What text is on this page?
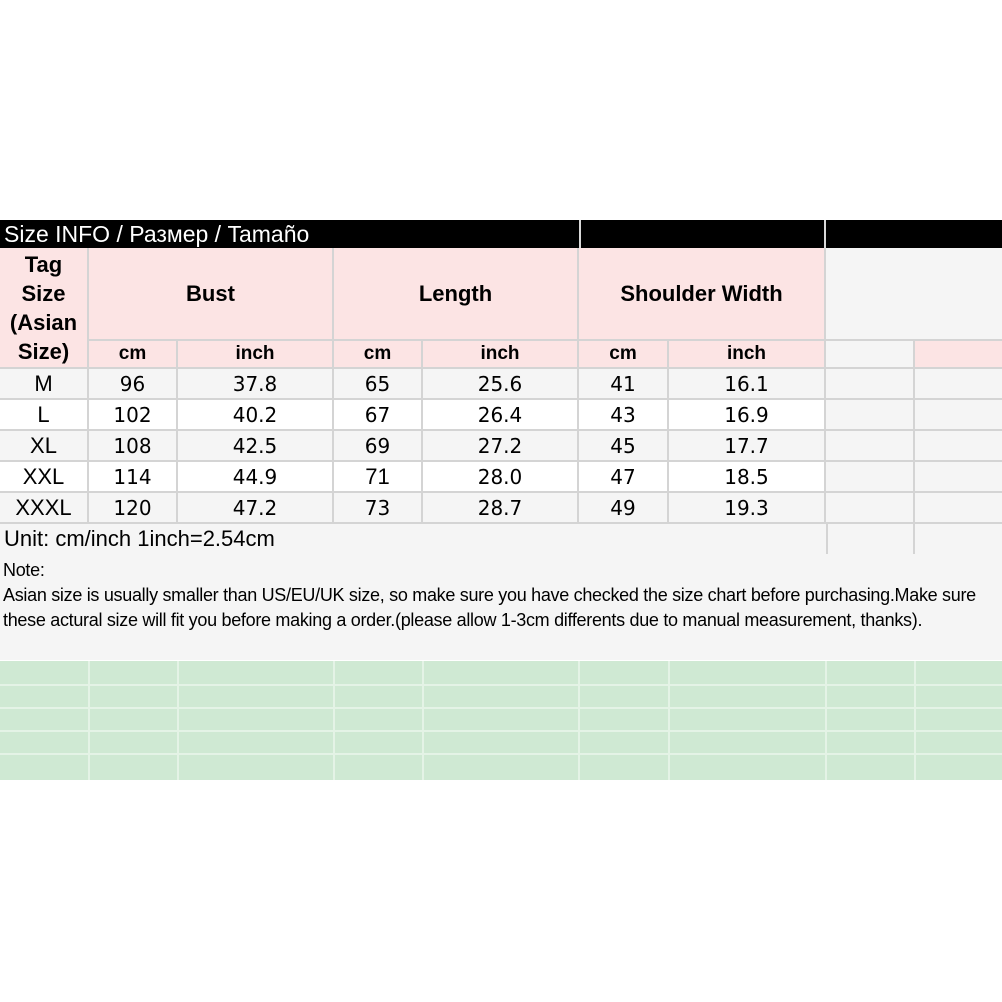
Size INFO / Размер / Tamaño
Tag
Size
(Asian
Size)
Bust	Length	Shoulder Width
cm	inch	cm	inch	cm	inch
M	96	37.8	65	25.6	41	16.1
L	102	40.2	67	26.4	43	16.9
XL	108	42.5	69	27.2	45	17.7
XXL	114	44.9	71	28.0	47	18.5
XXXL	120	47.2	73	28.7	49	19.3
Unit: cm/inch 1inch=2.54cm
Note:
Asian size is usually smaller than US/EU/UK size, so make sure you have checked the size chart before purchasing.Make sure these actural size will fit you before making a order.(please allow 1-3cm differents due to manual measurement, thanks).
